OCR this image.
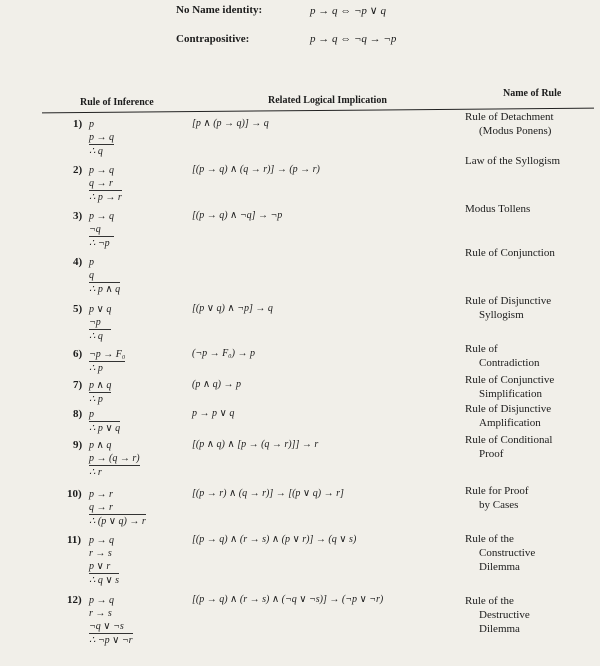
No Name identity:	p → q ⇔ ¬p ∨ q
Contrapositive:	p → q ⇔ ¬q → ¬p
Rule of Inference	Related Logical Implication
Name of Rule
1) p
p → q
∴ q
[p ∧ (p → q)] → q
Rule of Detachment
(Modus Ponens)
2) p → q
q → r
∴ p → r
[(p → q) ∧ (q → r)] → (p → r)
Law of the Syllogism
3) p → q
¬q
∴ ¬p
[(p → q) ∧ ¬q] → ¬p
Modus Tollens
4) p
q
∴ p ∧ q
Rule of Conjunction
5) p ∨ q
¬p
∴ q
[(p ∨ q) ∧ ¬p] → q
Rule of Disjunctive
Syllogism
6) ¬p → F₀
∴ p
(¬p → F₀) → p	Rule of
Contradiction
7) p ∧ q
∴ p
(p ∧ q) → p	Rule of Conjunctive
Simplification
8) p
∴ p ∨ q
p → p ∨ q	Rule of Disjunctive
Amplification
9) p ∧ q
p → (q → r)
∴ r
[(p ∧ q) ∧ [p → (q → r)]] → r	Rule of Conditional
Proof
10) p → r
q → r
∴ (p ∨ q) → r
[(p → r) ∧ (q → r)] → [(p ∨ q) → r]	Rule for Proof
by Cases
11) p → q
r → s
p ∨ r
∴ q ∨ s
[(p → q) ∧ (r → s) ∧ (p ∨ r)] → (q ∨ s)	Rule of the
Constructive
Dilemma
12) p → q
r → s
¬q ∨ ¬s
∴ ¬p ∨ ¬r
[(p → q) ∧ (r → s) ∧ (¬q ∨ ¬s)] → (¬p ∨ ¬r)	Rule of the
Destructive
Dilemma
